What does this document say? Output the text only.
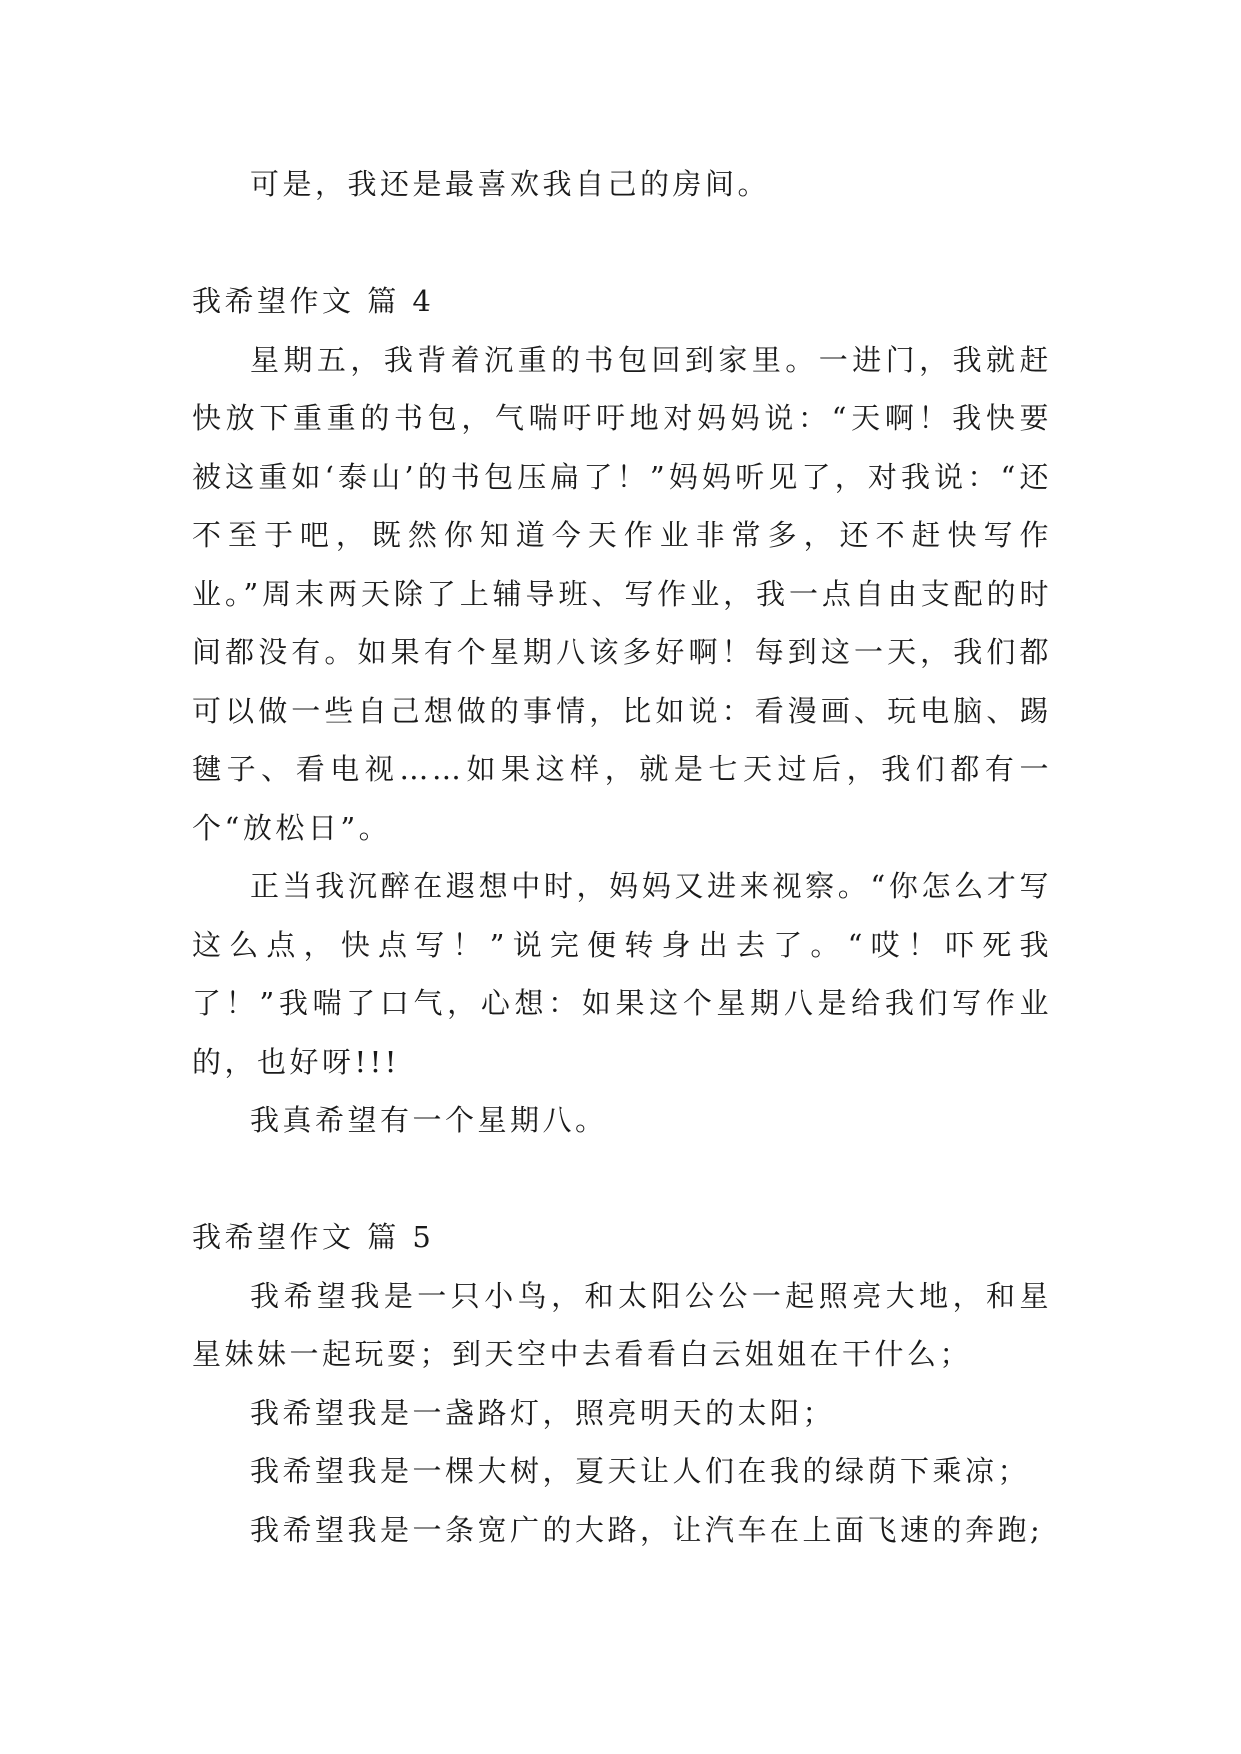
可是，我还是最喜欢我自己的房间。

我希望作文 篇 4

星期五，我背着沉重的书包回到家里。一进门，我就赶快放下重重的书包，气喘吁吁地对妈妈说：“天啊！我快要被这重如‘泰山’的书包压扁了！”妈妈听见了，对我说：“还不至于吧，既然你知道今天作业非常多，还不赶快写作业。”周末两天除了上辅导班、写作业，我一点自由支配的时间都没有。如果有个星期八该多好啊！每到这一天，我们都可以做一些自己想做的事情，比如说：看漫画、玩电脑、踢毽子、看电视……如果这样，就是七天过后，我们都有一个“放松日”。

正当我沉醉在遐想中时，妈妈又进来视察。“你怎么才写这么点，快点写！”说完便转身出去了。“哎！吓死我了！”我喘了口气，心想：如果这个星期八是给我们写作业的，也好呀!!!

我真希望有一个星期八。

我希望作文 篇 5

我希望我是一只小鸟，和太阳公公一起照亮大地，和星星妹妹一起玩耍；到天空中去看看白云姐姐在干什么；

我希望我是一盏路灯，照亮明天的太阳；

我希望我是一棵大树，夏天让人们在我的绿荫下乘凉；

我希望我是一条宽广的大路，让汽车在上面飞速的奔跑;
